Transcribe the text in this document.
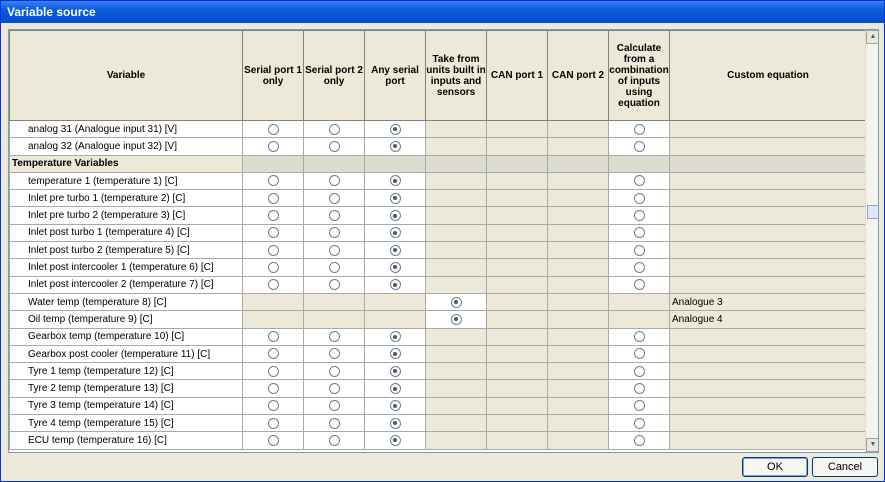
Variable source
Variable	Serial port 1 only	Serial port 2 only	Any serial port	Take from units built in inputs and sensors	CAN port 1	CAN port 2	Calculate from a combination of inputs using equation	Custom equation
analog 31 (Analogue input 31) [V]								
analog 32 (Analogue input 32) [V]								
Temperature Variables								
temperature 1 (temperature 1) [C]								
Inlet pre turbo 1 (temperature 2) [C]								
Inlet pre turbo 2 (temperature 3) [C]								
Inlet post turbo 1 (temperature 4) [C]								
Inlet post turbo 2 (temperature 5) [C]								
Inlet post intercooler 1 (temperature 6) [C]								
Inlet post intercooler 2 (temperature 7) [C]								
Water temp (temperature 8) [C]								Analogue 3
Oil temp (temperature 9) [C]								Analogue 4
Gearbox temp (temperature 10) [C]								
Gearbox post cooler (temperature 11) [C]								
Tyre 1 temp (temperature 12) [C]								
Tyre 2 temp (temperature 13) [C]								
Tyre 3 temp (temperature 14) [C]								
Tyre 4 temp (temperature 15) [C]								
ECU temp (temperature 16) [C]								
▲
▼
OK	Cancel
